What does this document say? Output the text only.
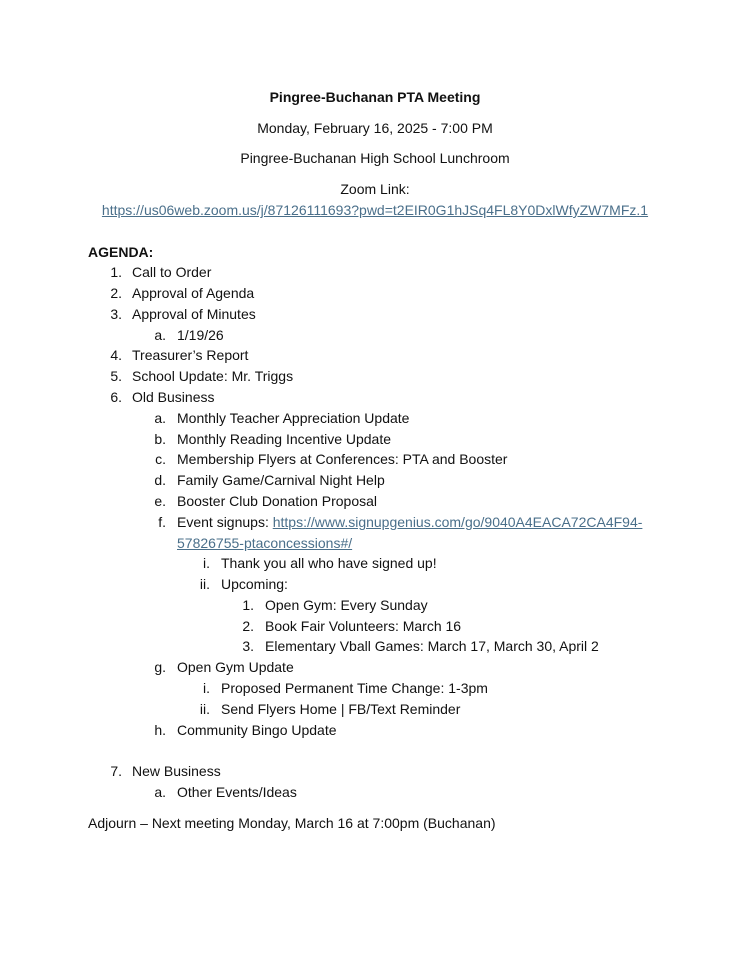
Pingree-Buchanan PTA Meeting
Monday, February 16, 2025 - 7:00 PM
Pingree-Buchanan High School Lunchroom
Zoom Link:
https://us06web.zoom.us/j/87126111693?pwd=t2EIR0G1hJSq4FL8Y0DxlWfyZW7MFz.1
AGENDA:
1. Call to Order
2. Approval of Agenda
3. Approval of Minutes
a. 1/19/26
4. Treasurer’s Report
5. School Update: Mr. Triggs
6. Old Business
a. Monthly Teacher Appreciation Update
b. Monthly Reading Incentive Update
c. Membership Flyers at Conferences: PTA and Booster
d. Family Game/Carnival Night Help
e. Booster Club Donation Proposal
f. Event signups: https://www.signupgenius.com/go/9040A4EACA72CA4F94-
57826755-ptaconcessions#/
i. Thank you all who have signed up!
ii. Upcoming:
1. Open Gym: Every Sunday
2. Book Fair Volunteers: March 16
3. Elementary Vball Games: March 17, March 30, April 2
g. Open Gym Update
i. Proposed Permanent Time Change: 1-3pm
ii. Send Flyers Home | FB/Text Reminder
h. Community Bingo Update
7. New Business
a. Other Events/Ideas
Adjourn – Next meeting Monday, March 16 at 7:00pm (Buchanan)
